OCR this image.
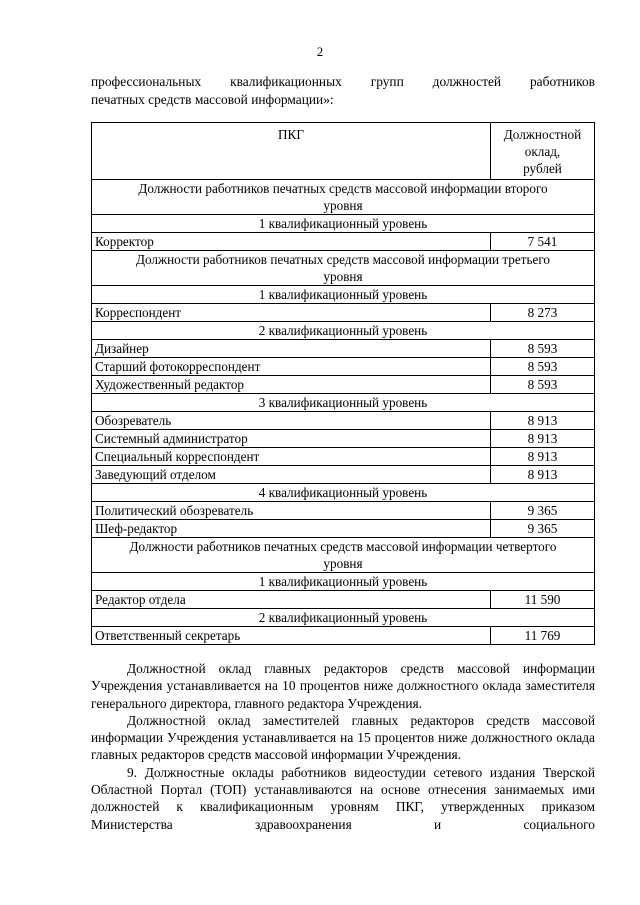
2
профессиональных квалификационных групп должностей работников
печатных средств массовой информации»:
ПКГ	Должностной
оклад,
рублей
Должности работников печатных средств массовой информации второго уровня	
1 квалификационный уровень	
Корректор	7 541
Должности работников печатных средств массовой информации третьего уровня	
1 квалификационный уровень	
Корреспондент	8 273
2 квалификационный уровень	
Дизайнер	8 593
Старший фотокорреспондент	8 593
Художественный редактор	8 593
3 квалификационный уровень	
Обозреватель	8 913
Системный администратор	8 913
Специальный корреспондент	8 913
Заведующий отделом	8 913
4 квалификационный уровень	
Политический обозреватель	9 365
Шеф-редактор	9 365
Должности работников печатных средств массовой информации четвертого уровня	
1 квалификационный уровень	
Редактор отдела	11 590
2 квалификационный уровень	
Ответственный секретарь	11 769

Должностной оклад главных редакторов средств массовой информации Учреждения устанавливается на 10 процентов ниже должностного оклада заместителя генерального директора, главного редактора Учреждения.

Должностной оклад заместителей главных редакторов средств массовой информации Учреждения устанавливается на 15 процентов ниже должностного оклада главных редакторов средств массовой информации Учреждения.

9. Должностные оклады работников видеостудии сетевого издания Тверской Областной Портал (ТОП) устанавливаются на основе отнесения занимаемых ими должностей к квалификационным уровням ПКГ, утвержденных приказом Министерства здравоохранения и социального
